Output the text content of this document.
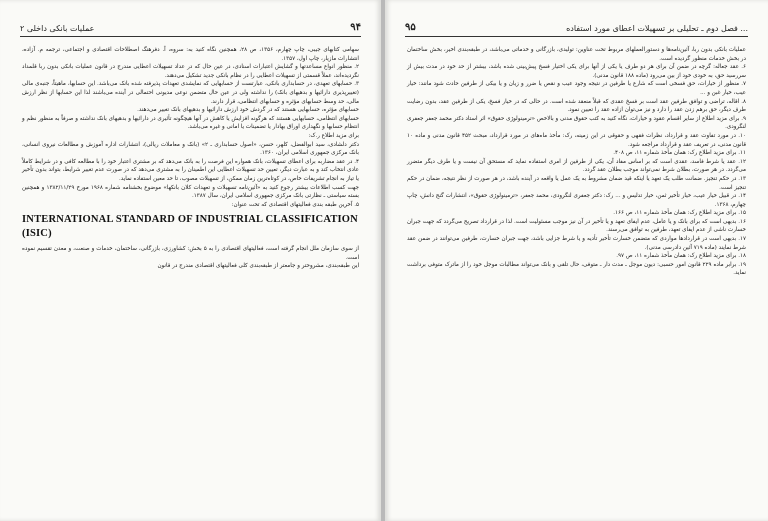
عملیات بانکی داخلی ۲	۹۴

سهامی کتابهای جیبی، چاپ چهارم، ۱۳۵۶، ص ۲۸، همچنین نگاه کنید به: سروه، آ. دفرهنگ اصطلاحات اقتصادی و اجتماعی، ترجمه م. آزاده، انتشارات مازیار، چاپ اول، ۱۳۵۷.

۲. منظور انواع مساعدتها و گشایش اعتبارات اسنادی، در عین حال که در عداد تسهیلات اعطایی مندرج در قانون عملیات بانکی بدون ربا قلمداد نگردیده‌اند، عملاً قسمتی از تسهیلات اعطایی را در نظام بانکی جدید تشکیل می‌دهند.

۳. حسابهای تعهدی، در حسابداری بانکی، عبارتست از حسابهایی که نمایشدی تعهدات پذیرفته شده بانک می‌باشد. این حسابها، ماهیتاً، جنبه‌ی مالی (تغییرپذیری دارائیها و بدهیهای بانک) را نداشته ولی در عین حال متضمن نوعی مدیونی احتمالی در آینده می‌باشند لذا این حسابها از نظر ارزش مالی، حد وسط حسابهای مؤثره و حسابهای انتظامی، قرار دارند.

حسابهای مؤثره، حسابهایی هستند که در گردش خود ارزش دارائیها و بدهیهای بانک تغییر می‌دهند.

حسابهای انتظامی، حسابهایی هستند که هرگونه افزایش یا کاهش در آنها هیچگونه تأثیری در دارائیها و بدهیهای بانک نداشته و صرفاً به منظور نظم و انتظام حسابها و نگهداری اوراق بهادار یا تضمینات یا امانی و غیره می‌باشد.

برای مزید اطلاع ر.ک:

دکتر دلشادی، سید ابوالفضل، کلهر، حسن، «اصول حسابداری ـ ۲» (بانک و معاملات ریالی)، انتشارات اداره آموزش و مطالعات نیروی انسانی، بانک مرکزی جمهوری اسلامی ایران، ۱۳۶۰.

۴. در عقد مضاربه برای اعطای تسهیلات، بانک همواره این فرصت را به بانک می‌دهد که بر مشتری اعتبار خود را با مطالعه کافی و در شرایط کاملاً عادی انتخاب کند و به عبارت دیگر، تعیین حد تسهیلات اعطایی این اطمینان را به مشتری می‌دهد که در صورت عدم تغییر شرایط، بتواند بدون تأخیر یا تیاز به انجام تشریفات خاص، در کوتاه‌ترین زمان ممکن، از تسهیلات مصوب، تا حد معین استفاده نماید.

جهت کسب اطلاعات بیشتر رجوع کنید به «آئین‌نامه تسهیلات و تعهدات کلان بانکها» موضوع بخشنامه شماره ۱۹۶۸ مورخ ۱۳۸۲/۱۱/۲۹ و همچنین بسته سیاستی ـ نظارتی بانک مرکزی جمهوری اسلامی ایران، سال ۱۳۸۷.

۵. آخرین طبقه بندی فعالیتهای اقتصادی که تحت عنوان:

INTERNATIONAL STANDARD OF INDUSTRIAL CLASSIFICATION (ISIC)

از سوی سازمان ملل انجام گرفته است، فعالیتهای اقتصادی را به ۵ بخش: کشاورزی، بازرگانی، ساختمان، خدمات و صنعت، و معدن تقسیم نموده است.

این طبقه‌بندی، مشروحتر و جامعتر از طبقه‌بندی کلی فعالیتهای اقتصادی مندرج در قانون

فصل دوم ـ تحلیلی بر تسهیلات اعطای مورد استفاده ...
۹۵

عملیات بانکی بدون ربا، آئین‌نامه‌ها و دستورالعملهای مربوط تحت عناوین: تولیدی، بازرگانی و خدماتی می‌باشد، در طبقه‌بندی اخیر، بخش ساختمان در بخش خدمات منظور گردیده است.

۶. عقد جعاله: گرچه در ضمن آن برای هر دو طرف یا یکی از آنها برای یکی اختیار فسخ پیش‌بینی شده باشد، بیشتر از حد خود در مدت بیش از سررسید حق، به خودی خود از بین می‌رود (ماده ۱۸۸ قانون مدنی).

۷. منظور از خیارات، حق فسخی است که شارع یا طرفین در نتیجه وجود عیب و نقص یا ضرر و زیان و یا بیکی از طرفین حادث شود مانند: خیار عیب، خیار غبن و ...

۸. اقاله، تراضی و توافق طرفین عقد است بر فسخ عقدی که قبلاً منعقد شده است. در حالی که در خیار فسخ، یکی از طرفین عقد، بدون رضایت طرف دیگر، حق برهم زدن عقد را دارد و نیز می‌توان ازاده عقد را تعیین نمود.

۹. برای مزید اطلاع از سایر اقسام عقود و خیارات، نگاه کنید به کتب حقوق مدنی و بالاخص «ترمینولوژی حقوق» اثر استاد دکتر محمد جعفر جعفری لنگرودی.

۱۰. در مورد تفاوت عقد و قرارداد، نظرات فقهی و حقوقی در این زمینه، رک: مأخذ ماه‌های در مورد قرارداد، مبحث ۴۵۲ قانون مدنی و ماده ۱۰ قانون مدنی، در تعریف عقد و قرارداد مراجعه شود.

۱۱. برای مزید اطلاع رک: همان مأخذ شماره ۱۱، ص ۴۰۸.

۱۲. عقد یا شرط فاسد، عقدی است که بر اساس مفاد آن، یکی از طرفین از امری استفاده نماید که مستحق آن نیست و یا طرف دیگر متضرر می‌گردد. در هر صورت، بطلان شرط نمی‌تواند موجب بطلان عقد گردد.

۱۳. در حکم تنجیز. ضمانت طلب یک تعهد یا اینکه قید ضمان مشروط به یک عمل یا واقعه در آینده باشد، در هر صورت از نظر نتیجه، ضمان در حکم تنجیز است.

۱۴. در قبیل خیار عیب، خیار تأخیر ثمن، خیار تدلیس و ... رک: دکتر جعفری لنگرودی، محمد جعفر، «ترمینولوژی حقوق»، انتشارات گنج دانش، چاپ چهارم، ۱۳۶۸.

۱۵. برای مزید اطلاع رک: همان مأخذ شماره ۱۱، ص ۱۶۶.

۱۶. بدیهی است که برای بانک و یا عامل، عدم ایفای تعهد و یا تأخیر در آن نیز موجب مسئولیت است. لذا در قرارداد تصریح می‌گردد که جهت جبران خسارت ناشی از عدم ایفای تعهد، طرفین به توافق می‌رسند.

۱۷. بدیهی است در قراردادها مواردی که متضمن خسارت تأخیر تأدیه و یا شرط جزایی باشد، جهت جبران خسارت، طرفین می‌توانند در ضمن عقد شرط نمایند (ماده ۷۱۹ آئین دادرسی مدنی).

۱۸. برای مزید اطلاع رک: همان مأخذ شماره ۱۱، ص ۹۷.

۱۹. برابر ماده ۲۲۹ قانون امور حسبی: دیون موجل ـ مدت دار ـ متوفی، حال تلقی و بانک می‌تواند مطالبات موجل خود را از ماترک متوفی برداشت نماید.
